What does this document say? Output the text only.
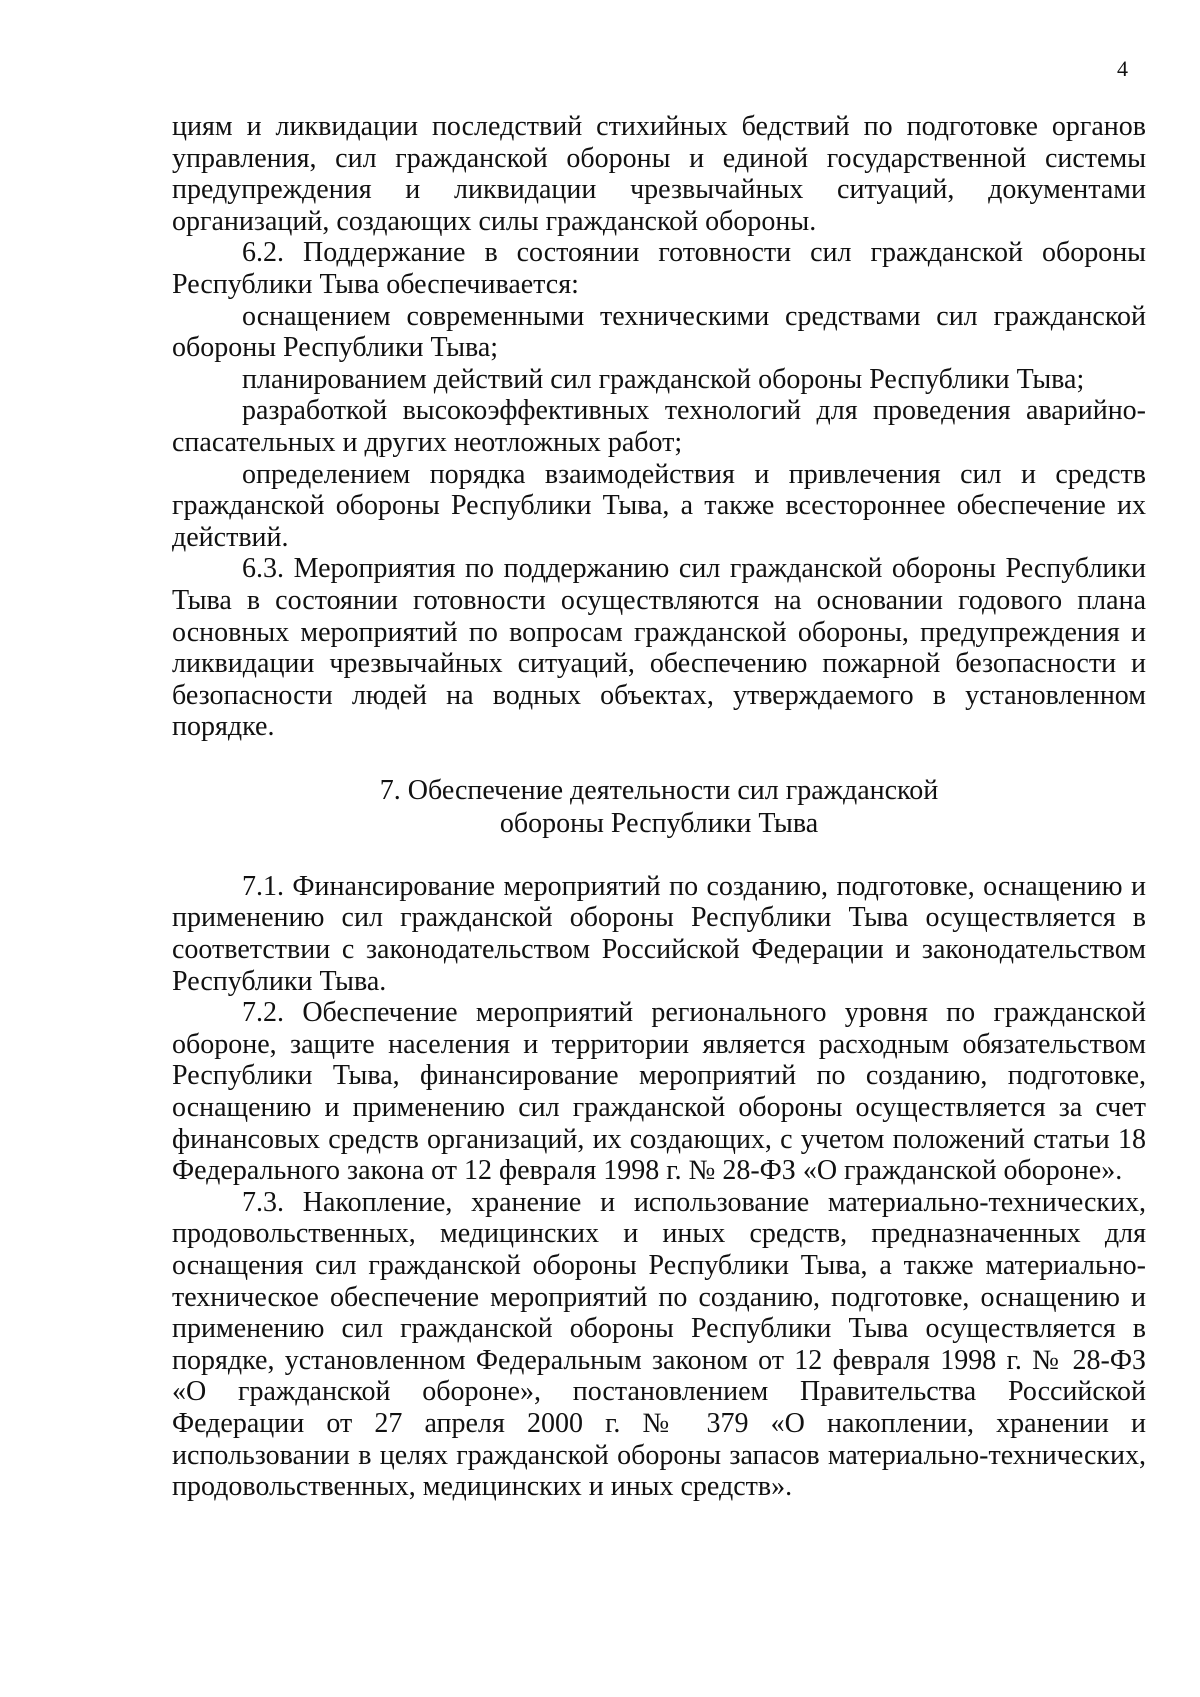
4

циям и ликвидации последствий стихийных бедствий по подготовке органов управления, сил гражданской обороны и единой государственной системы предупреждения и ликвидации чрезвычайных ситуаций, документами организаций, создающих силы гражданской обороны.

6.2. Поддержание в состоянии готовности сил гражданской обороны Республики Тыва обеспечивается:

оснащением современными техническими средствами сил гражданской обороны Республики Тыва;

планированием действий сил гражданской обороны Республики Тыва;

разработкой высокоэффективных технологий для проведения аварийно-спасательных и других неотложных работ;

определением порядка взаимодействия и привлечения сил и средств гражданской обороны Республики Тыва, а также всестороннее обеспечение их действий.

6.3. Мероприятия по поддержанию сил гражданской обороны Республики Тыва в состоянии готовности осуществляются на основании годового плана основных мероприятий по вопросам гражданской обороны, предупреждения и ликвидации чрезвычайных ситуаций, обеспечению пожарной безопасности и безопасности людей на водных объектах, утверждаемого в установленном порядке.

7. Обеспечение деятельности сил гражданской
обороны Республики Тыва

7.1. Финансирование мероприятий по созданию, подготовке, оснащению и применению сил гражданской обороны Республики Тыва осуществляется в соответствии с законодательством Российской Федерации и законодательством Республики Тыва.

7.2. Обеспечение мероприятий регионального уровня по гражданской обороне, защите населения и территории является расходным обязательством Республики Тыва, финансирование мероприятий по созданию, подготовке, оснащению и применению сил гражданской обороны осуществляется за счет финансовых средств организаций, их создающих, с учетом положений статьи 18 Федерального закона от 12 февраля 1998 г. № 28-ФЗ «О гражданской обороне».

7.3. Накопление, хранение и использование материально-технических, продовольственных, медицинских и иных средств, предназначенных для оснащения сил гражданской обороны Республики Тыва, а также материально-техническое обеспечение мероприятий по созданию, подготовке, оснащению и применению сил гражданской обороны Республики Тыва осуществляется в порядке, установленном Федеральным законом от 12 февраля 1998 г. № 28-ФЗ «О гражданской обороне», постановлением Правительства Российской Федерации от 27 апреля 2000 г. № 379 «О накоплении, хранении и использовании в целях гражданской обороны запасов материально-технических, продовольственных, медицинских и иных средств».
